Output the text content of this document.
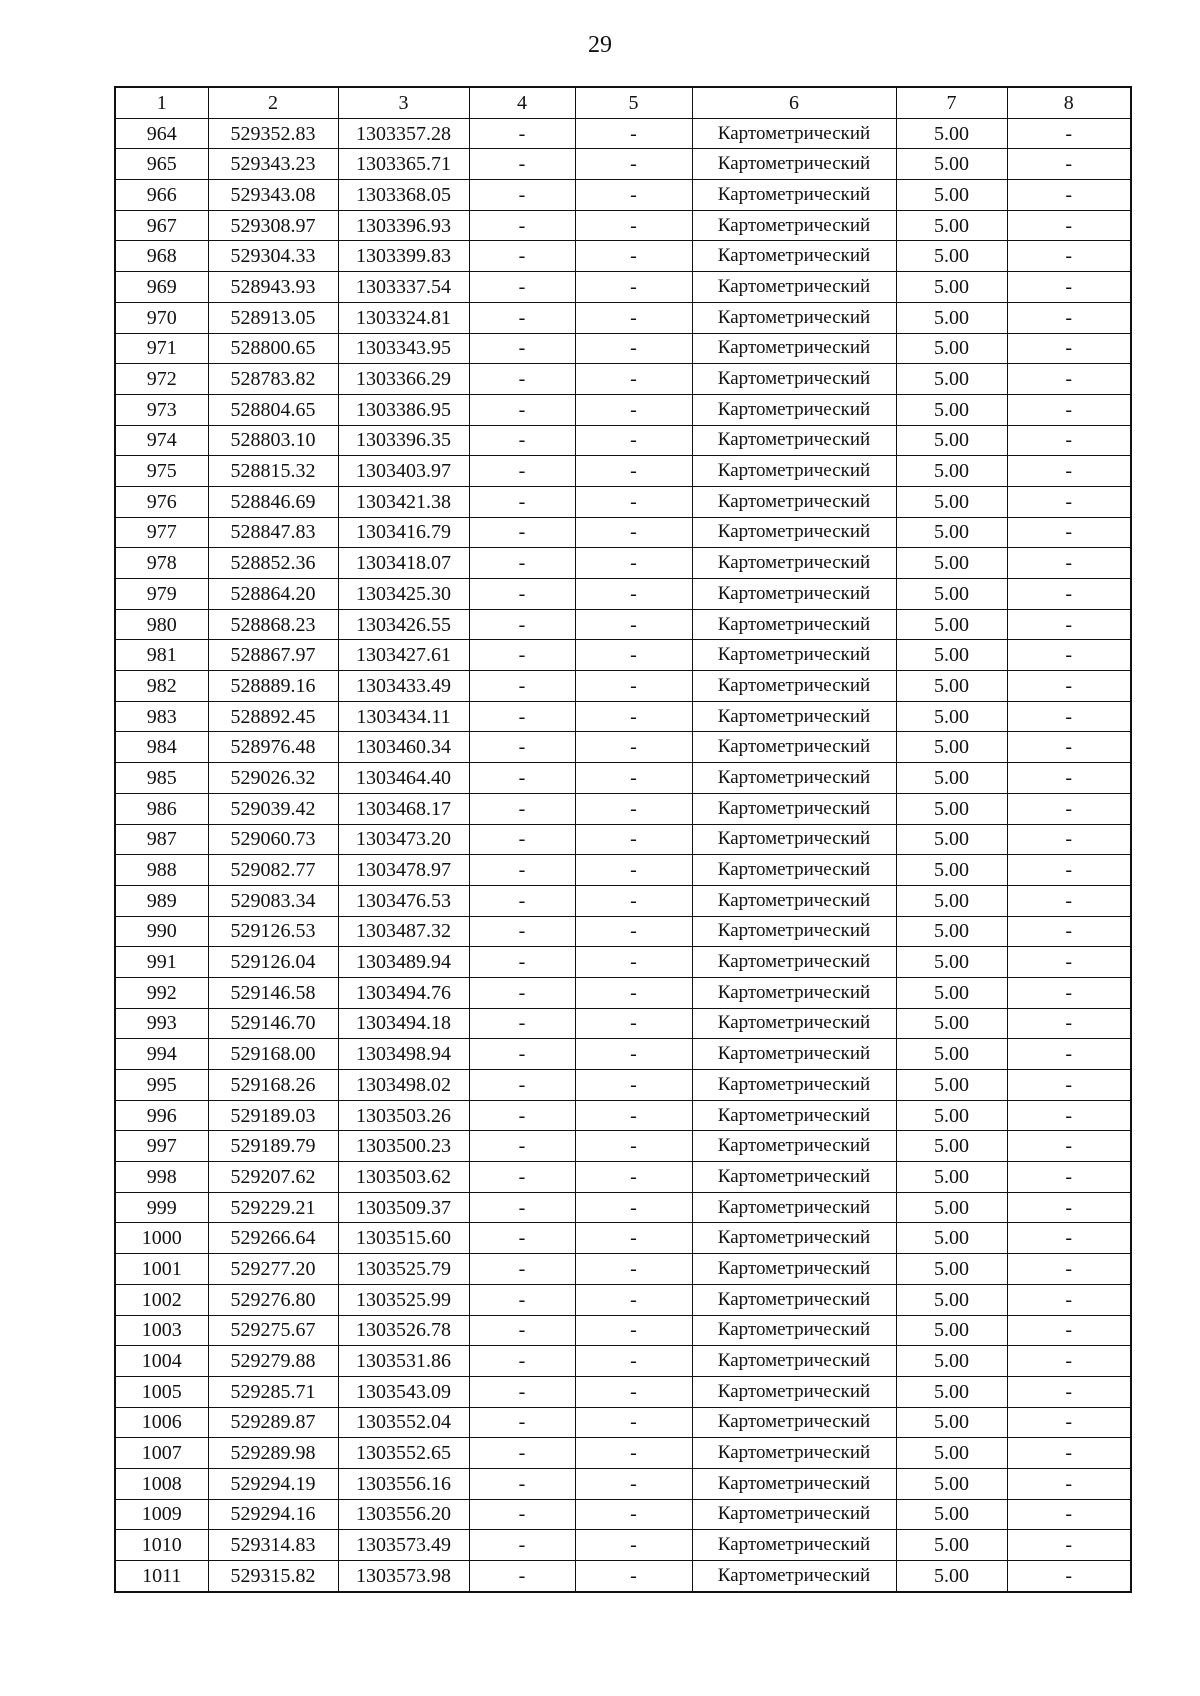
29
1	2	3	4	5	6	7	8
964	529352.83	1303357.28	-	-	Картометрический	5.00	-
965	529343.23	1303365.71	-	-	Картометрический	5.00	-
966	529343.08	1303368.05	-	-	Картометрический	5.00	-
967	529308.97	1303396.93	-	-	Картометрический	5.00	-
968	529304.33	1303399.83	-	-	Картометрический	5.00	-
969	528943.93	1303337.54	-	-	Картометрический	5.00	-
970	528913.05	1303324.81	-	-	Картометрический	5.00	-
971	528800.65	1303343.95	-	-	Картометрический	5.00	-
972	528783.82	1303366.29	-	-	Картометрический	5.00	-
973	528804.65	1303386.95	-	-	Картометрический	5.00	-
974	528803.10	1303396.35	-	-	Картометрический	5.00	-
975	528815.32	1303403.97	-	-	Картометрический	5.00	-
976	528846.69	1303421.38	-	-	Картометрический	5.00	-
977	528847.83	1303416.79	-	-	Картометрический	5.00	-
978	528852.36	1303418.07	-	-	Картометрический	5.00	-
979	528864.20	1303425.30	-	-	Картометрический	5.00	-
980	528868.23	1303426.55	-	-	Картометрический	5.00	-
981	528867.97	1303427.61	-	-	Картометрический	5.00	-
982	528889.16	1303433.49	-	-	Картометрический	5.00	-
983	528892.45	1303434.11	-	-	Картометрический	5.00	-
984	528976.48	1303460.34	-	-	Картометрический	5.00	-
985	529026.32	1303464.40	-	-	Картометрический	5.00	-
986	529039.42	1303468.17	-	-	Картометрический	5.00	-
987	529060.73	1303473.20	-	-	Картометрический	5.00	-
988	529082.77	1303478.97	-	-	Картометрический	5.00	-
989	529083.34	1303476.53	-	-	Картометрический	5.00	-
990	529126.53	1303487.32	-	-	Картометрический	5.00	-
991	529126.04	1303489.94	-	-	Картометрический	5.00	-
992	529146.58	1303494.76	-	-	Картометрический	5.00	-
993	529146.70	1303494.18	-	-	Картометрический	5.00	-
994	529168.00	1303498.94	-	-	Картометрический	5.00	-
995	529168.26	1303498.02	-	-	Картометрический	5.00	-
996	529189.03	1303503.26	-	-	Картометрический	5.00	-
997	529189.79	1303500.23	-	-	Картометрический	5.00	-
998	529207.62	1303503.62	-	-	Картометрический	5.00	-
999	529229.21	1303509.37	-	-	Картометрический	5.00	-
1000	529266.64	1303515.60	-	-	Картометрический	5.00	-
1001	529277.20	1303525.79	-	-	Картометрический	5.00	-
1002	529276.80	1303525.99	-	-	Картометрический	5.00	-
1003	529275.67	1303526.78	-	-	Картометрический	5.00	-
1004	529279.88	1303531.86	-	-	Картометрический	5.00	-
1005	529285.71	1303543.09	-	-	Картометрический	5.00	-
1006	529289.87	1303552.04	-	-	Картометрический	5.00	-
1007	529289.98	1303552.65	-	-	Картометрический	5.00	-
1008	529294.19	1303556.16	-	-	Картометрический	5.00	-
1009	529294.16	1303556.20	-	-	Картометрический	5.00	-
1010	529314.83	1303573.49	-	-	Картометрический	5.00	-
1011	529315.82	1303573.98	-	-	Картометрический	5.00	-
